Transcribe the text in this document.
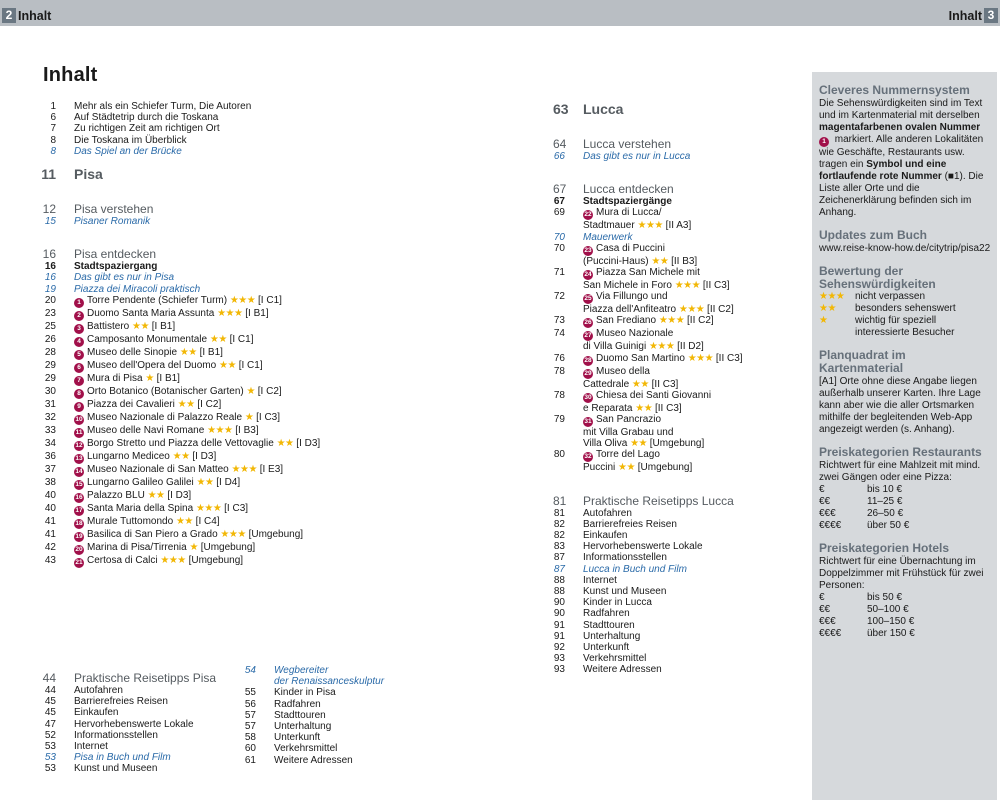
2 Inhalt	Inhalt 3
Inhalt
1	Mehr als ein Schiefer Turm, Die Autoren
6	Auf Städtetrip durch die Toskana
7	Zu richtigen Zeit am richtigen Ort
8	Die Toskana im Überblick
8	Das Spiel an der Brücke
11	Pisa
12	Pisa verstehen
15	Pisaner Romanik
16	Pisa entdecken
16	Stadtspaziergang
16	Das gibt es nur in Pisa
19	Piazza dei Miracoli praktisch
20	1 Torre Pendente (Schiefer Turm) ★★★ [I C1]
23	2 Duomo Santa Maria Assunta ★★★ [I B1]
25	3 Battistero ★★ [I B1]
26	4 Camposanto Monumentale ★★ [I C1]
28	5 Museo delle Sinopie ★★ [I B1]
29	6 Museo dell'Opera del Duomo ★★ [I C1]
29	7 Mura di Pisa ★ [I B1]
30	8 Orto Botanico (Botanischer Garten) ★ [I C2]
31	9 Piazza dei Cavalieri ★★ [I C2]
32	10 Museo Nazionale di Palazzo Reale ★ [I C3]
33	11 Museo delle Navi Romane ★★★ [I B3]
34	12 Borgo Stretto und Piazza delle Vettovaglie ★★ [I D3]
36	13 Lungarno Mediceo ★★ [I D3]
37	14 Museo Nazionale di San Matteo ★★★ [I E3]
38	15 Lungarno Galileo Galilei ★★ [I D4]
40	16 Palazzo BLU ★★ [I D3]
40	17 Santa Maria della Spina ★★★ [I C3]
41	18 Murale Tuttomondo ★★ [I C4]
41	19 Basilica di San Piero a Grado ★★★ [Umgebung]
42	20 Marina di Pisa/Tirrenia ★ [Umgebung]
43	21 Certosa di Calci ★★★ [Umgebung]
44	Praktische Reisetipps Pisa
44	Autofahren
45	Barrierefreies Reisen
45	Einkaufen
47	Hervorhebenswerte Lokale
52	Informationsstellen
53	Internet
53	Pisa in Buch und Film
53	Kunst und Museen
54	Wegbereiter
der Renaissanceskulptur
55	Kinder in Pisa
56	Radfahren
57	Stadttouren
57	Unterhaltung
58	Unterkunft
60	Verkehrsmittel
61	Weitere Adressen
63	Lucca
64	Lucca verstehen
66	Das gibt es nur in Lucca
67	Lucca entdecken
67	Stadtspaziergänge
69	22 Mura di Lucca/
Stadtmauer ★★★ [II A3]
70	Mauerwerk
70	23 Casa di Puccini
(Puccini-Haus) ★★ [II B3]
71	24 Piazza San Michele mit
San Michele in Foro ★★★ [II C3]
72	25 Via Fillungo und
Piazza dell'Anfiteatro ★★★ [II C2]
73	26 San Frediano ★★★ [II C2]
74	27 Museo Nazionale
di Villa Guinigi ★★★ [II D2]
76	28 Duomo San Martino ★★★ [II C3]
78	29 Museo della
Cattedrale ★★ [II C3]
78	30 Chiesa dei Santi Giovanni
e Reparata ★★ [II C3]
79	31 San Pancrazio
mit Villa Grabau und
Villa Oliva ★★ [Umgebung]
80	32 Torre del Lago
Puccini ★★ [Umgebung]
81	Praktische Reisetipps Lucca
81	Autofahren
82	Barrierefreies Reisen
82	Einkaufen
83	Hervorhebenswerte Lokale
87	Informationsstellen
87	Lucca in Buch und Film
88	Internet
88	Kunst und Museen
90	Kinder in Lucca
90	Radfahren
91	Stadttouren
91	Unterhaltung
92	Unterkunft
93	Verkehrsmittel
93	Weitere Adressen
Cleveres Nummernsystem

Die Sehenswürdigkeiten sind im Text und im Kartenmaterial mit derselben magentafarbenen ovalen Nummer
1 markiert. Alle anderen Lokalitäten wie Geschäfte, Restaurants usw. tragen ein Symbol und eine fortlaufende rote Nummer (■1). Die Liste aller Orte und die Zeichenerklärung befinden sich im Anhang.

Updates zum Buch

www.reise-know-how.de/citytrip/pisa22

Bewertung der Sehenswürdigkeiten
★★★	nicht verpassen
★★	besonders sehenswert
★	wichtig für speziell
interessierte Besucher
Planquadrat im Kartenmaterial

[A1] Orte ohne diese Angabe liegen außerhalb unserer Karten. Ihre Lage kann aber wie die aller Ortsmarken mithilfe der begleitenden Web-App angezeigt werden (s. Anhang).

Preiskategorien Restaurants

Richtwert für eine Mahlzeit mit mind. zwei Gängen oder eine Pizza:

€	bis 10 €
€€	11–25 €
€€€	26–50 €
€€€€	über 50 €
Preiskategorien Hotels

Richtwert für eine Übernachtung im Doppelzimmer mit Frühstück für zwei Personen:

€	bis 50 €
€€	50–100 €
€€€	100–150 €
€€€€	über 150 €
